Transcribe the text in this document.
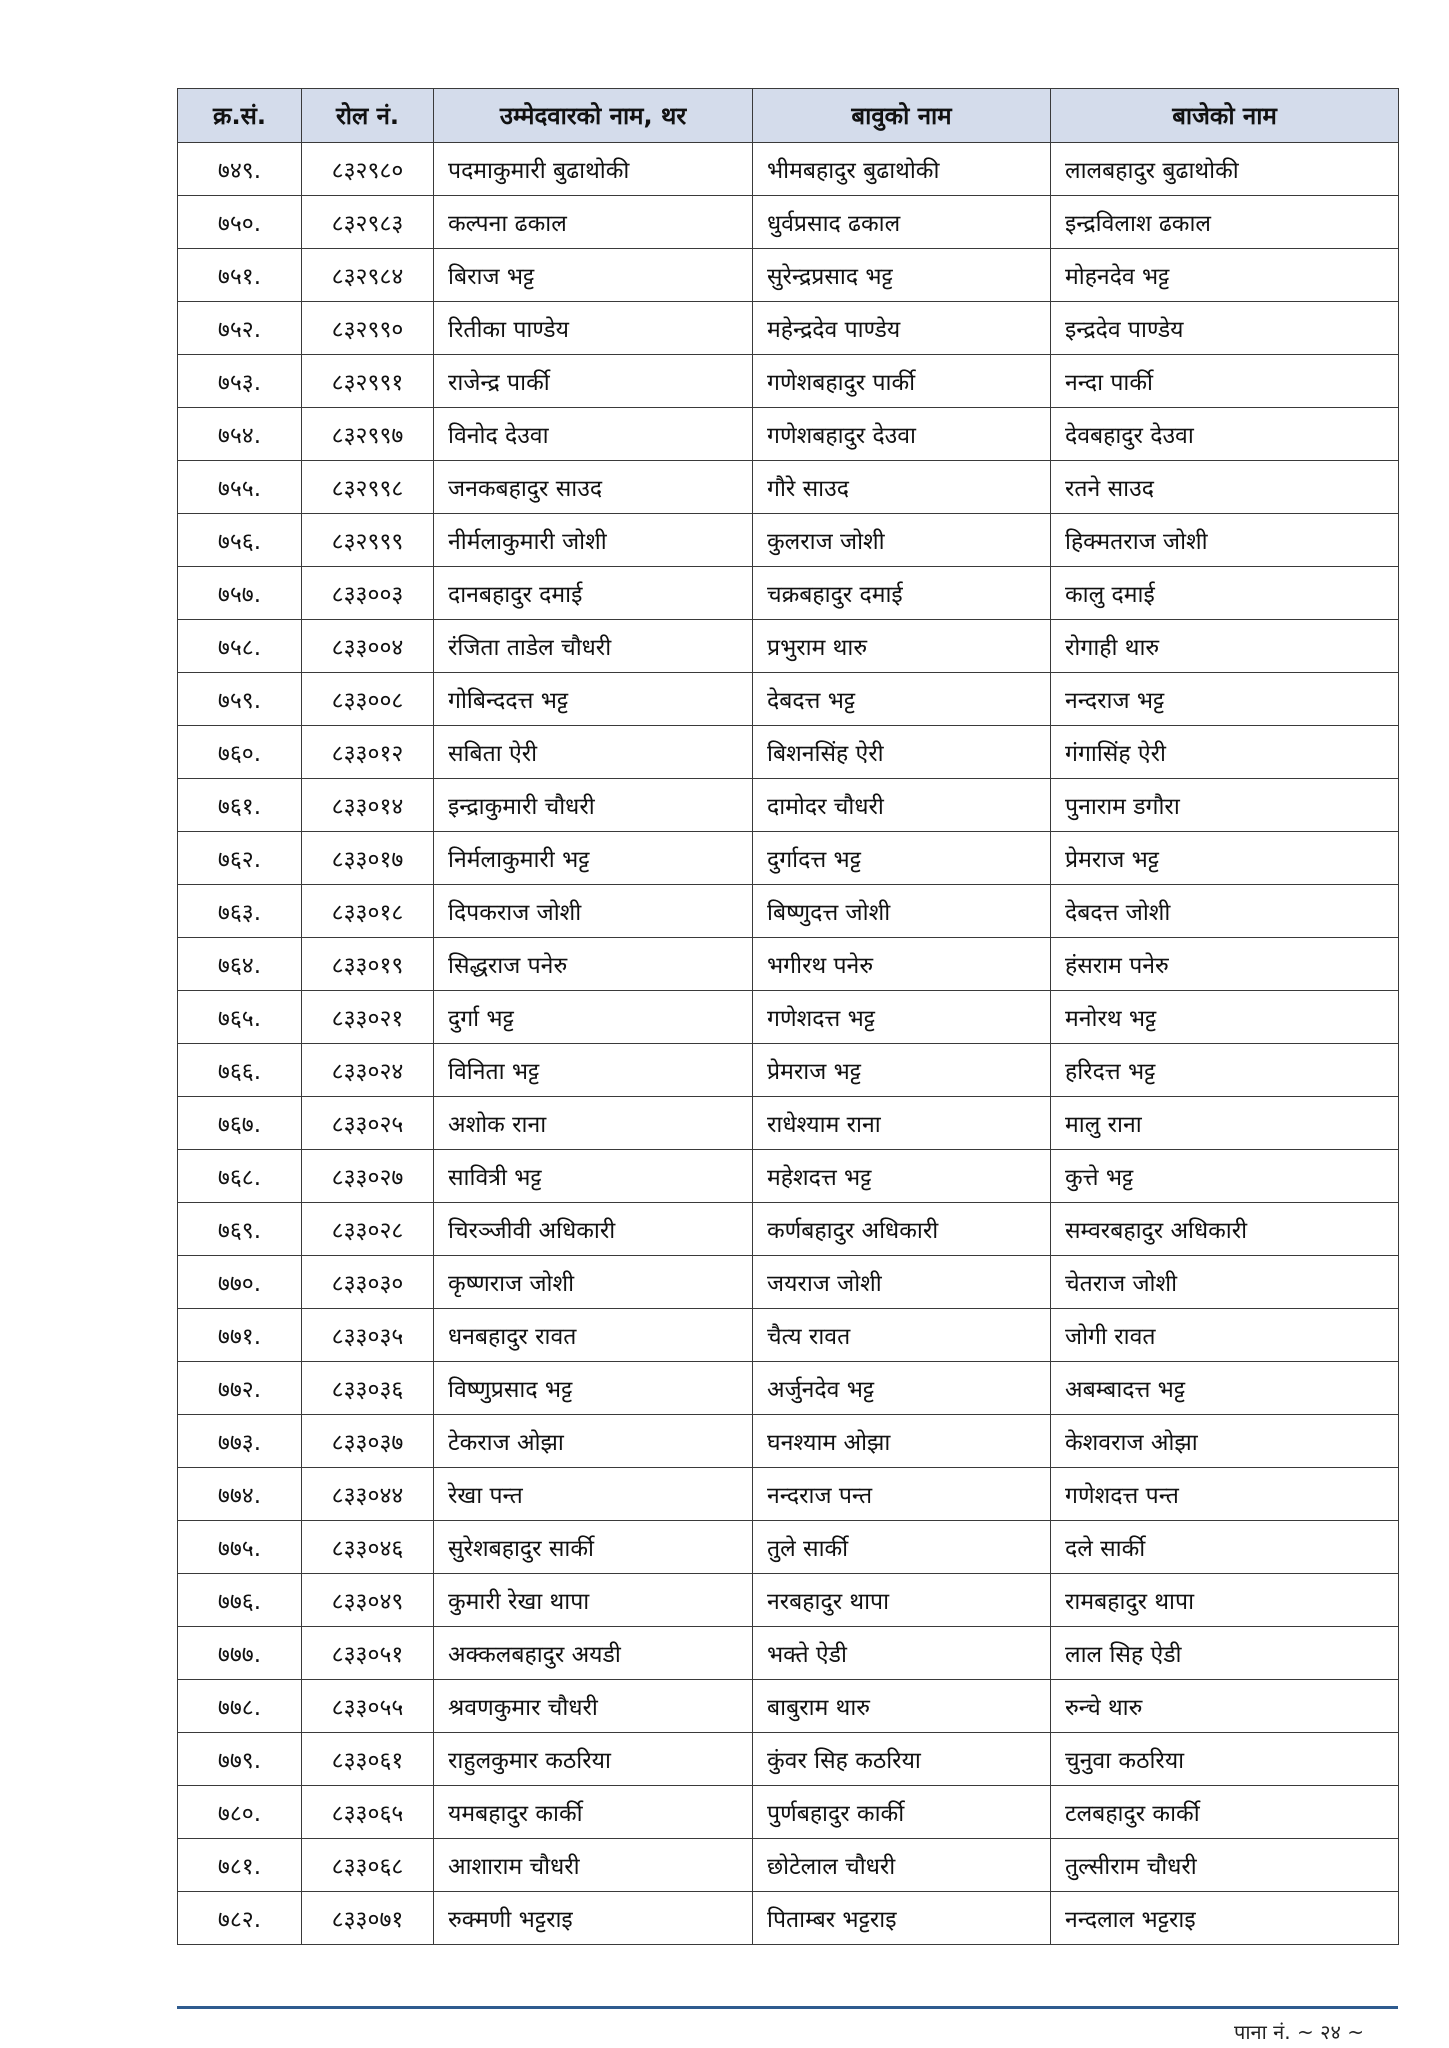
क्र.सं.	रोल नं.	उम्मेदवारको नाम, थर	बावुको नाम	बाजेको नाम
७४९.	८३२९८०	पदमाकुमारी बुढाथोकी	भीमबहादुर बुढाथोकी	लालबहादुर बुढाथोकी
७५०.	८३२९८३	कल्पना ढकाल	धुर्वप्रसाद ढकाल	इन्द्रविलाश ढकाल
७५१.	८३२९८४	बिराज भट्ट	सुरेन्द्रप्रसाद भट्ट	मोहनदेव भट्ट
७५२.	८३२९९०	रितीका पाण्डेय	महेन्द्रदेव पाण्डेय	इन्द्रदेव पाण्डेय
७५३.	८३२९९१	राजेन्द्र पार्की	गणेशबहादुर पार्की	नन्दा पार्की
७५४.	८३२९९७	विनोद देउवा	गणेशबहादुर देउवा	देवबहादुर देउवा
७५५.	८३२९९८	जनकबहादुर साउद	गौरे साउद	रतने साउद
७५६.	८३२९९९	नीर्मलाकुमारी जोशी	कुलराज जोशी	हिक्मतराज जोशी
७५७.	८३३००३	दानबहादुर दमाई	चक्रबहादुर दमाई	कालु दमाई
७५८.	८३३००४	रंजिता ताडेल चौधरी	प्रभुराम थारु	रोगाही थारु
७५९.	८३३००८	गोबिन्ददत्त भट्ट	देबदत्त भट्ट	नन्दराज भट्ट
७६०.	८३३०१२	सबिता ऐरी	बिशनसिंह ऐरी	गंगासिंह ऐरी
७६१.	८३३०१४	इन्द्राकुमारी चौधरी	दामोदर चौधरी	पुनाराम डगौरा
७६२.	८३३०१७	निर्मलाकुमारी भट्ट	दुर्गादत्त भट्ट	प्रेमराज भट्ट
७६३.	८३३०१८	दिपकराज जोशी	बिष्णुदत्त जोशी	देबदत्त जोशी
७६४.	८३३०१९	सिद्धराज पनेरु	भगीरथ पनेरु	हंसराम पनेरु
७६५.	८३३०२१	दुर्गा भट्ट	गणेशदत्त भट्ट	मनोरथ भट्ट
७६६.	८३३०२४	विनिता भट्ट	प्रेमराज भट्ट	हरिदत्त भट्ट
७६७.	८३३०२५	अशोक राना	राधेश्याम राना	मालु राना
७६८.	८३३०२७	सावित्री भट्ट	महेशदत्त भट्ट	कुत्ते भट्ट
७६९.	८३३०२८	चिरञ्जीवी अधिकारी	कर्णबहादुर अधिकारी	सम्वरबहादुर अधिकारी
७७०.	८३३०३०	कृष्णराज जोशी	जयराज जोशी	चेतराज जोशी
७७१.	८३३०३५	धनबहादुर रावत	चैत्य रावत	जोगी रावत
७७२.	८३३०३६	विष्णुप्रसाद भट्ट	अर्जुनदेव भट्ट	अबम्बादत्त भट्ट
७७३.	८३३०३७	टेकराज ओझा	घनश्याम ओझा	केशवराज ओझा
७७४.	८३३०४४	रेखा पन्त	नन्दराज पन्त	गणेशदत्त पन्त
७७५.	८३३०४६	सुरेशबहादुर सार्की	तुले सार्की	दले सार्की
७७६.	८३३०४९	कुमारी रेखा थापा	नरबहादुर थापा	रामबहादुर थापा
७७७.	८३३०५१	अक्कलबहादुर अयडी	भक्ते ऐडी	लाल सिह ऐडी
७७८.	८३३०५५	श्रवणकुमार चौधरी	बाबुराम थारु	रुन्चे थारु
७७९.	८३३०६१	राहुलकुमार कठरिया	कुंवर सिह कठरिया	चुनुवा कठरिया
७८०.	८३३०६५	यमबहादुर कार्की	पुर्णबहादुर कार्की	टलबहादुर कार्की
७८१.	८३३०६८	आशाराम चौधरी	छोटेलाल चौधरी	तुल्सीराम चौधरी
७८२.	८३३०७१	रुक्मणी भट्टराइ	पिताम्बर भट्टराइ	नन्दलाल भट्टराइ
पाना नं. ~ २४ ~
